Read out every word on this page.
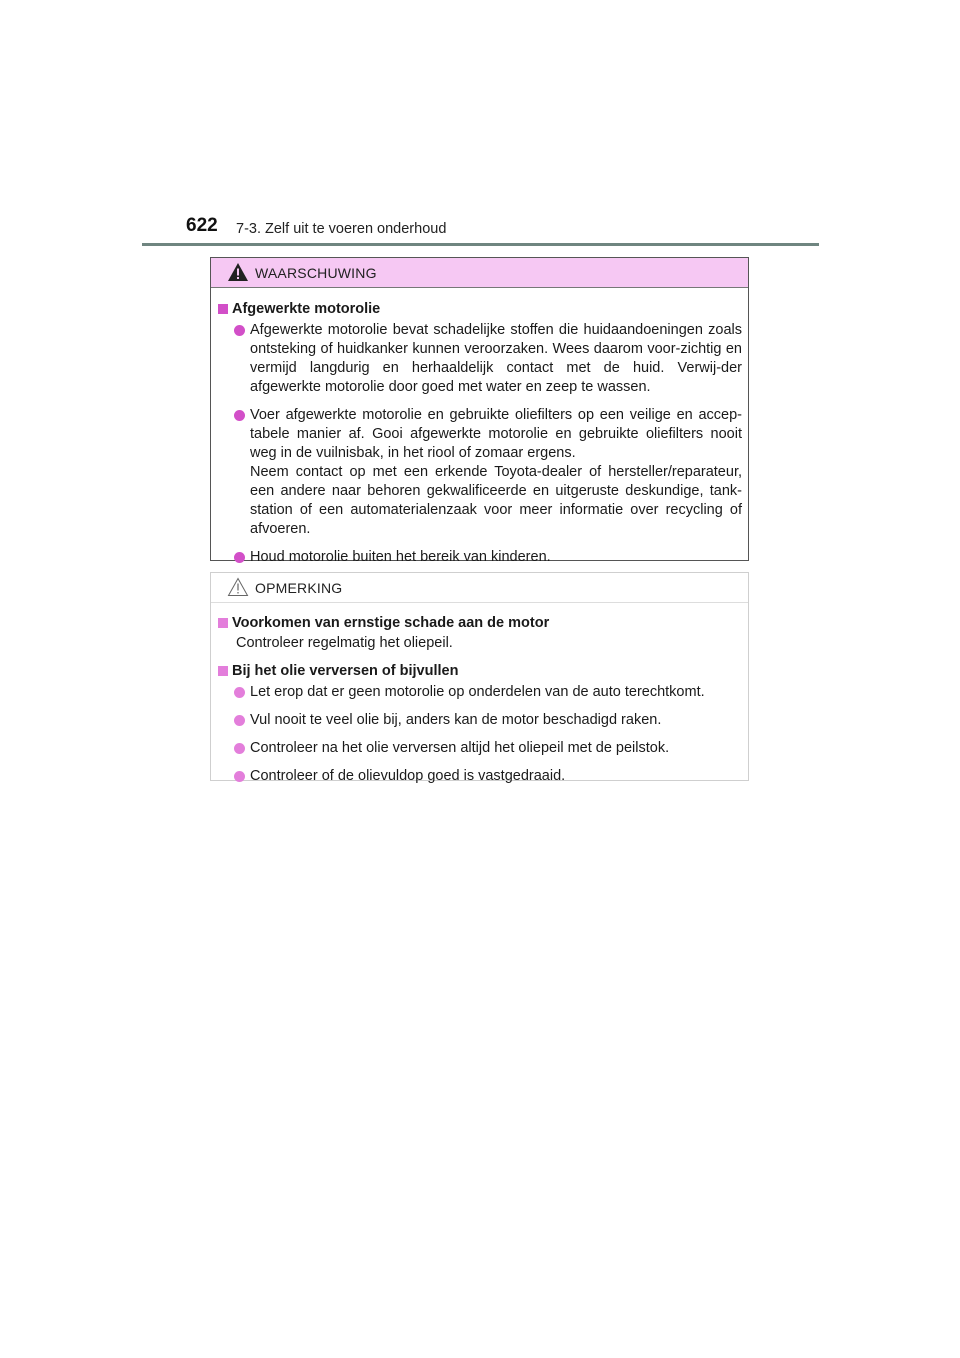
622 7-3. Zelf uit te voeren onderhoud
WAARSCHUWING
Afgewerkte motorolie

Afgewerkte motorolie bevat schadelijke stoffen die huidaandoeningen zoals ontsteking of huidkanker kunnen veroorzaken. Wees daarom voor-zichtig en vermijd langdurig en herhaaldelijk contact met de huid. Verwij-der afgewerkte motorolie door goed met water en zeep te wassen.

Voer afgewerkte motorolie en gebruikte oliefilters op een veilige en accep-tabele manier af. Gooi afgewerkte motorolie en gebruikte oliefilters nooit weg in de vuilnisbak, in het riool of zomaar ergens.

Neem contact op met een erkende Toyota-dealer of hersteller/reparateur, een andere naar behoren gekwalificeerde en uitgeruste deskundige, tank-station of een automaterialenzaak voor meer informatie over recycling of afvoeren.

Houd motorolie buiten het bereik van kinderen.

OPMERKING
Voorkomen van ernstige schade aan de motor

Controleer regelmatig het oliepeil.

Bij het olie verversen of bijvullen

Let erop dat er geen motorolie op onderdelen van de auto terechtkomt.

Vul nooit te veel olie bij, anders kan de motor beschadigd raken.

Controleer na het olie verversen altijd het oliepeil met de peilstok.

Controleer of de olievuldop goed is vastgedraaid.
